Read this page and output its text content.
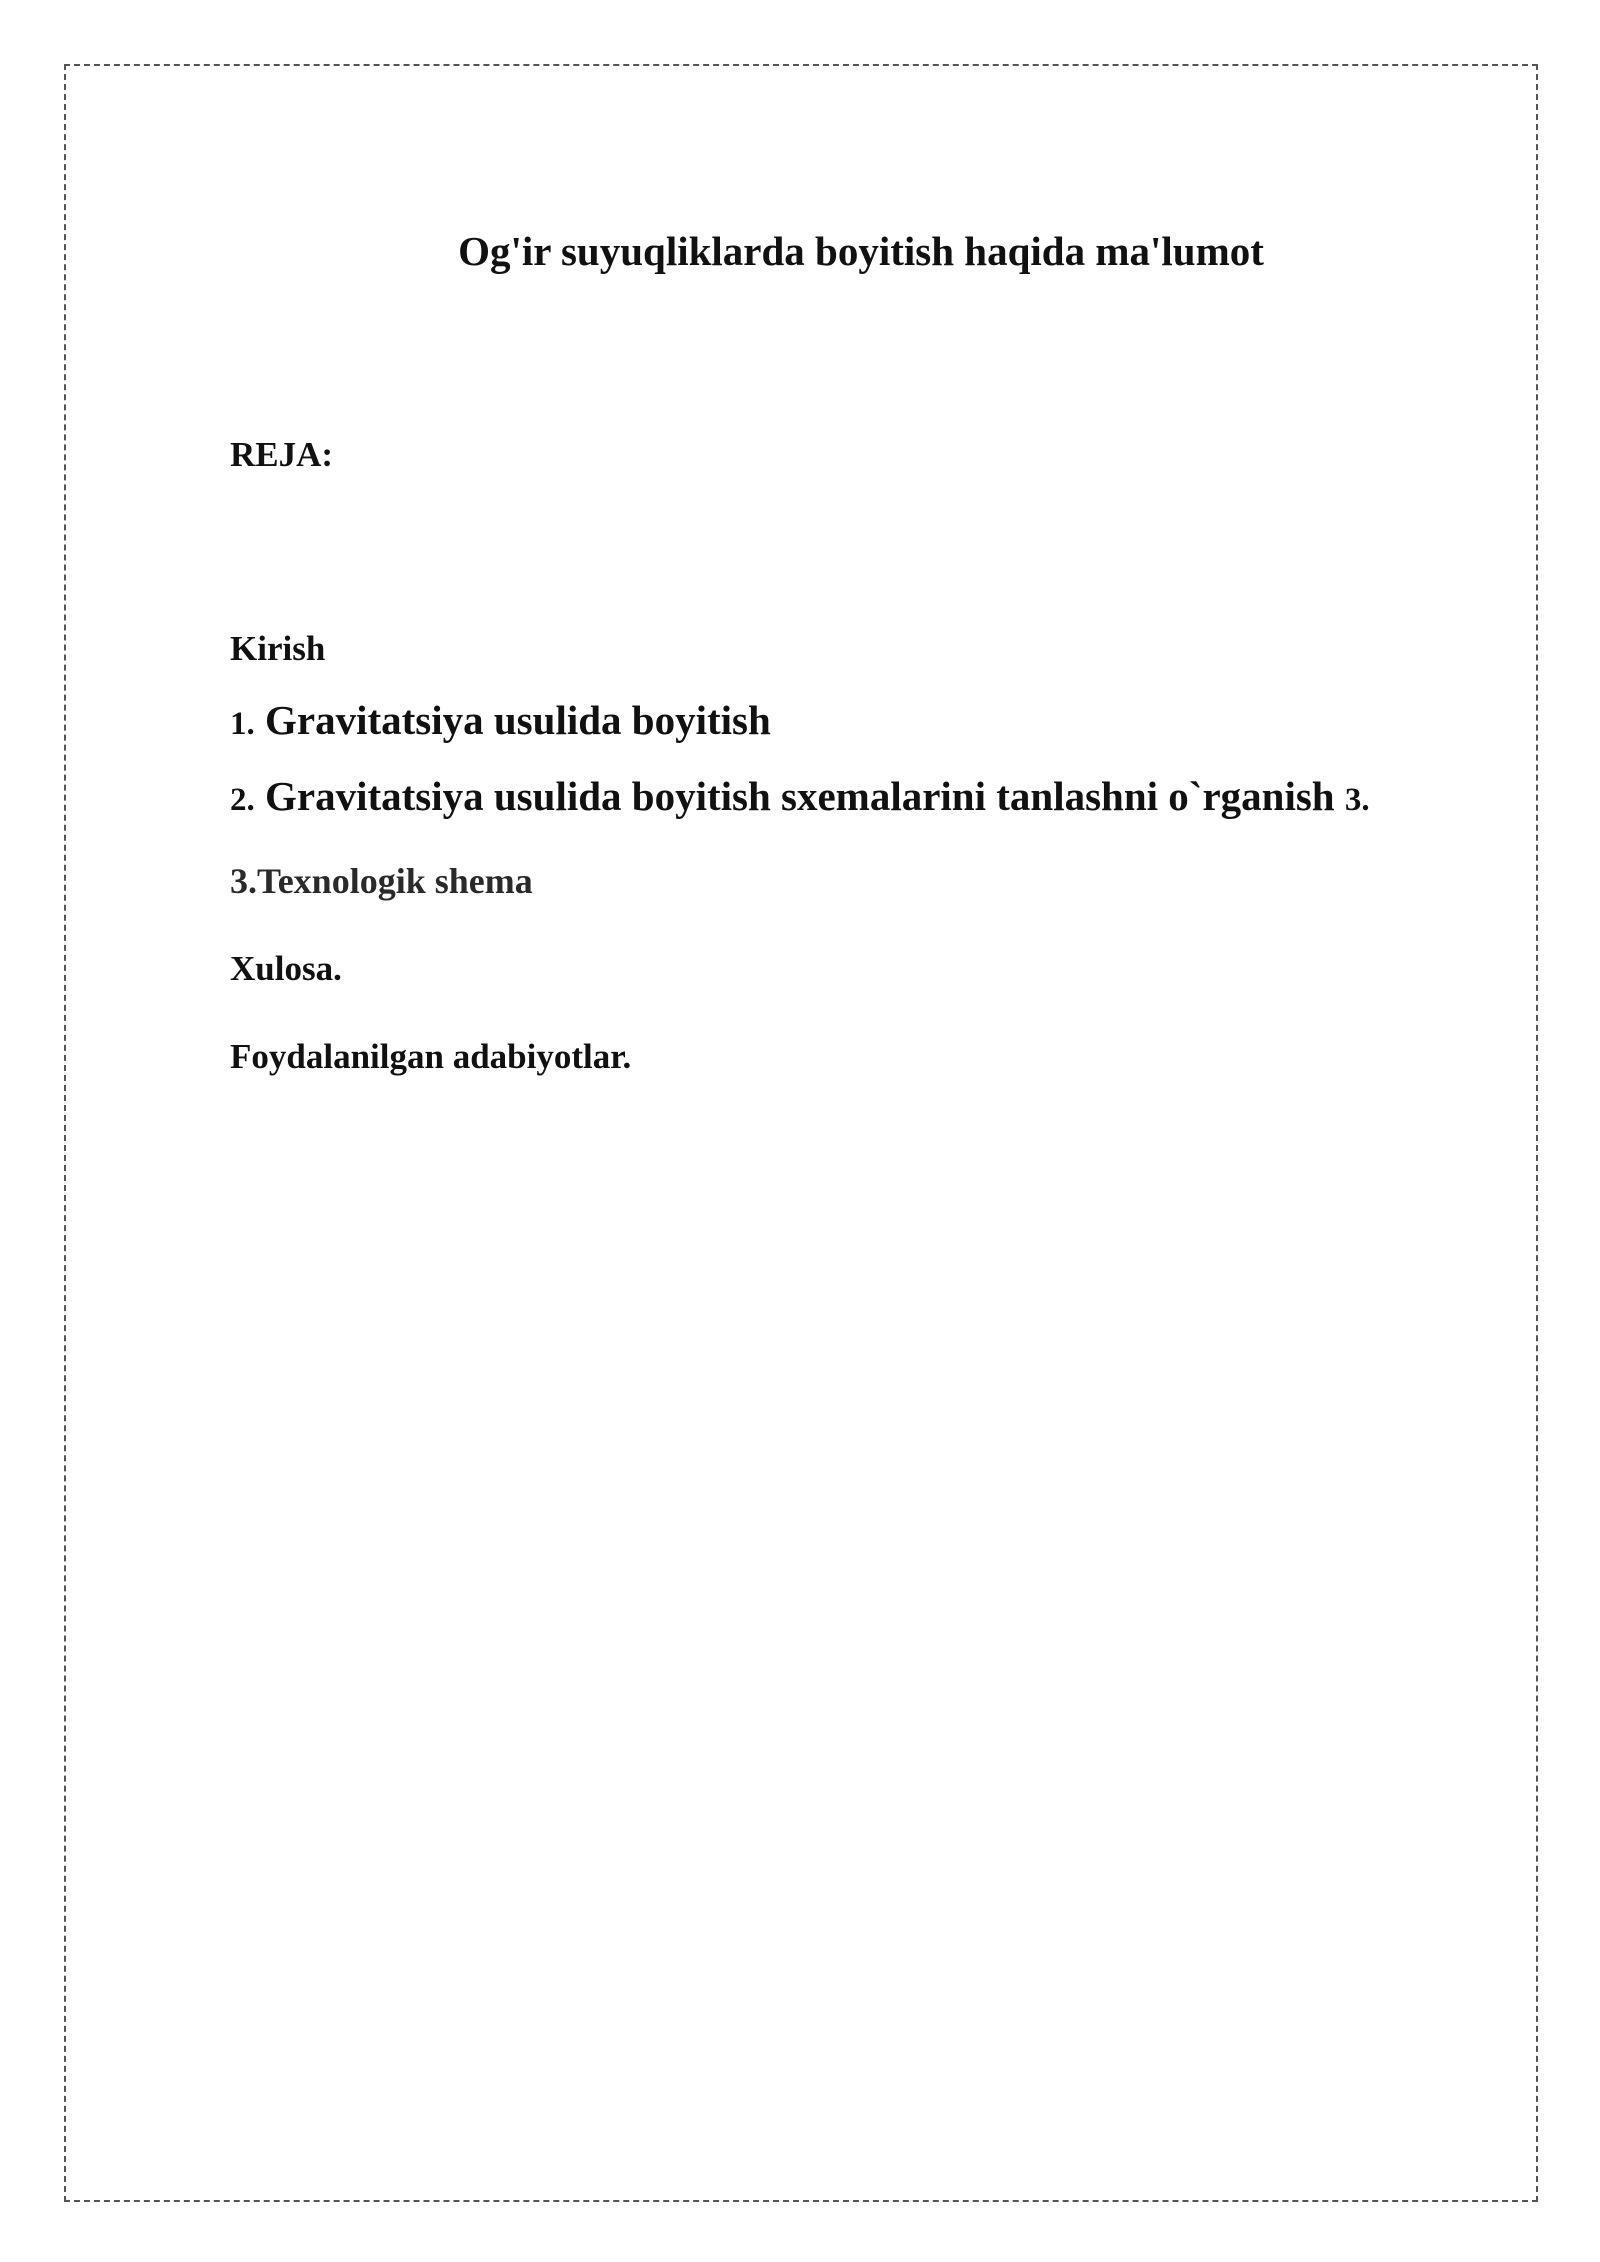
Og'ir suyuqliklarda boyitish haqida ma'lumot
REJA:
Kirish
1. Gravitatsiya usulida boyitish
2. Gravitatsiya usulida boyitish sxemalarini tanlashni o`rganish 3.
3.Texnologik shema
Xulosa.
Foydalanilgan adabiyotlar.
